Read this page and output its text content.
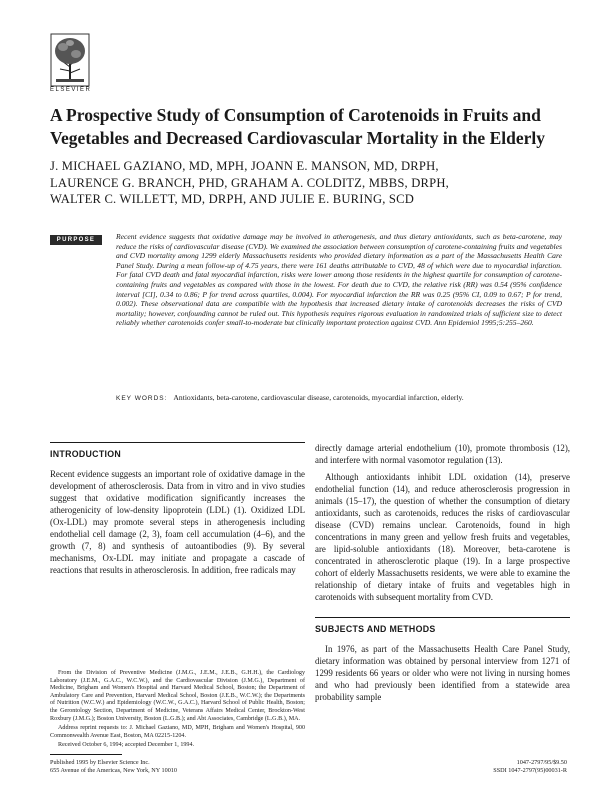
ELSEVIER
A Prospective Study of Consumption of Carotenoids in Fruits and Vegetables and Decreased Cardiovascular Mortality in the Elderly
J. MICHAEL GAZIANO, MD, MPH, JOANN E. MANSON, MD, DRPH,
LAURENCE G. BRANCH, PHD, GRAHAM A. COLDITZ, MBBS, DRPH,
WALTER C. WILLETT, MD, DRPH, AND JULIE E. BURING, SCD
PURPOSE	Recent evidence suggests that oxidative damage may be involved in atherogenesis, and thus dietary antioxidants, such as beta-carotene, may reduce the risks of cardiovascular disease (CVD). We examined the association between consumption of carotene-containing fruits and vegetables and CVD mortality among 1299 elderly Massachusetts residents who provided dietary information as a part of the Massachusetts Health Care Panel Study. During a mean follow-up of 4.75 years, there were 161 deaths attributable to CVD, 48 of which were due to myocardial infarction. For fatal CVD death and fatal myocardial infarction, risks were lower among those residents in the highest quartile for consumption of carotene-containing fruits and vegetables as compared with those in the lowest. For death due to CVD, the relative risk (RR) was 0.54 (95% confidence interval [CI], 0.34 to 0.86; P for trend across quartiles, 0.004). For myocardial infarction the RR was 0.25 (95% CI, 0.09 to 0.67; P for trend, 0.002). These observational data are compatible with the hypothesis that increased dietary intake of carotenoids decreases the risks of CVD mortality; however, confounding cannot be ruled out. This hypothesis requires rigorous evaluation in randomized trials of sufficient size to detect reliably whether carotenoids confer small-to-moderate but clinically important protection against CVD. Ann Epidemiol 1995;5:255–260.

KEY WORDS: Antioxidants, beta-carotene, cardiovascular disease, carotenoids, myocardial infarction, elderly.

INTRODUCTION

Recent evidence suggests an important role of oxidative damage in the development of atherosclerosis. Data from in vitro and in vivo studies suggest that oxidative modification significantly increases the atherogenicity of low-density lipoprotein (LDL) (1). Oxidized LDL (Ox-LDL) may promote several steps in atherogenesis including endothelial cell damage (2, 3), foam cell accumulation (4–6), and the growth (7, 8) and synthesis of autoantibodies (9). By several mechanisms, Ox-LDL may initiate and propagate a cascade of reactions that results in atherosclerosis. In addition, free radicals may

From the Division of Preventive Medicine (J.M.G., J.E.M., J.E.B., G.H.H.), the Cardiology Laboratory (J.E.M., G.A.C., W.C.W.), and the Cardiovascular Division (J.M.G.), Department of Medicine, Brigham and Women's Hospital and Harvard Medical School, Boston; the Department of Ambulatory Care and Prevention, Harvard Medical School, Boston (J.E.B., W.C.W.); the Departments of Nutrition (W.C.W.) and Epidemiology (W.C.W., G.A.C.), Harvard School of Public Health, Boston; the Gerontology Section, Department of Medicine, Veterans Affairs Medical Center, Brockton-West Roxbury (J.M.G.); Boston University, Boston (L.G.B.); and Abt Associates, Cambridge (L.G.B.), MA.

Address reprint requests to: J. Michael Gaziano, MD, MPH, Brigham and Women's Hospital, 900 Commonwealth Avenue East, Boston, MA 02215-1204.

Received October 6, 1994; accepted December 1, 1994.

directly damage arterial endothelium (10), promote thrombosis (12), and interfere with normal vasomotor regulation (13).

Although antioxidants inhibit LDL oxidation (14), preserve endothelial function (14), and reduce atherosclerosis progression in animals (15–17), the question of whether the consumption of dietary antioxidants, such as carotenoids, reduces the risks of cardiovascular disease (CVD) remains unclear. Carotenoids, found in high concentrations in many green and yellow fresh fruits and vegetables, are lipid-soluble antioxidants (18). Moreover, beta-carotene is concentrated in atherosclerotic plaque (19). In a large prospective cohort of elderly Massachusetts residents, we were able to examine the relationship of dietary intake of fruits and vegetables high in carotenoids with subsequent mortality from CVD.

SUBJECTS AND METHODS

In 1976, as part of the Massachusetts Health Care Panel Study, dietary information was obtained by personal interview from 1271 of 1299 residents 66 years or older who were not living in nursing homes and who had previously been identified from a statewide area probability sample

Published 1995 by Elsevier Science Inc.
655 Avenue of the Americas, New York, NY 10010
1047-2797/95/$9.50
SSDI 1047-2797(95)00031-R
